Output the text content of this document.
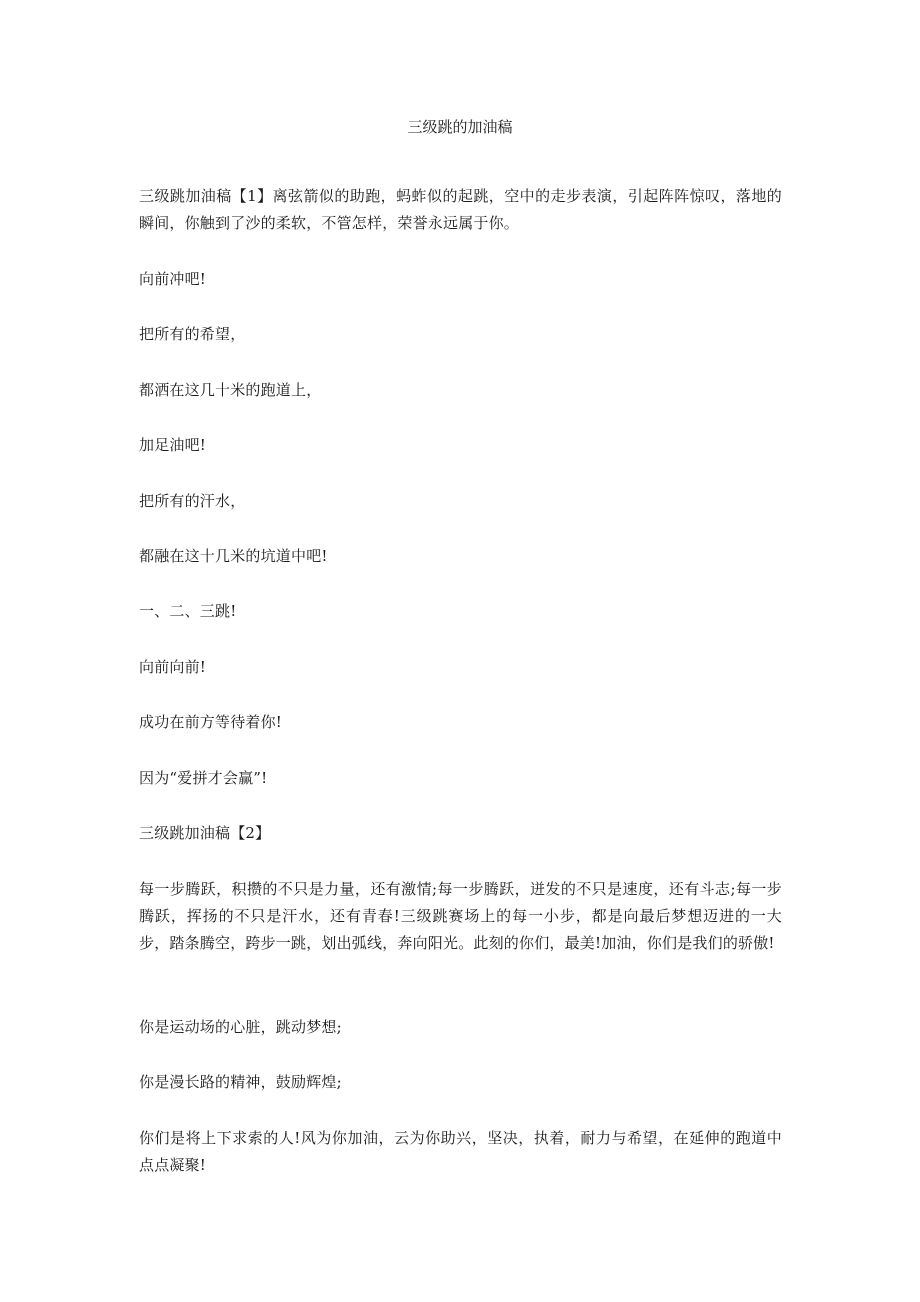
三级跳的加油稿

三级跳加油稿【1】离弦箭似的助跑，蚂蚱似的起跳，空中的走步表演，引起阵阵惊叹，落地的瞬间，你触到了沙的柔软，不管怎样，荣誉永远属于你。

向前冲吧!

把所有的希望，

都洒在这几十米的跑道上，

加足油吧!

把所有的汗水，

都融在这十几米的坑道中吧!

一、二、三跳!

向前向前!

成功在前方等待着你!

因为“爱拼才会赢”!

三级跳加油稿【2】

每一步腾跃，积攒的不只是力量，还有激情;每一步腾跃，迸发的不只是速度，还有斗志;每一步腾跃，挥扬的不只是汗水，还有青春!三级跳赛场上的每一小步，都是向最后梦想迈进的一大步，踏条腾空，跨步一跳，划出弧线，奔向阳光。此刻的你们，最美!加油，你们是我们的骄傲!

你是运动场的心脏，跳动梦想;

你是漫长路的精神，鼓励辉煌;

你们是将上下求索的人!风为你加油，云为你助兴，坚决，执着，耐力与希望，在延伸的跑道中点点凝聚!
